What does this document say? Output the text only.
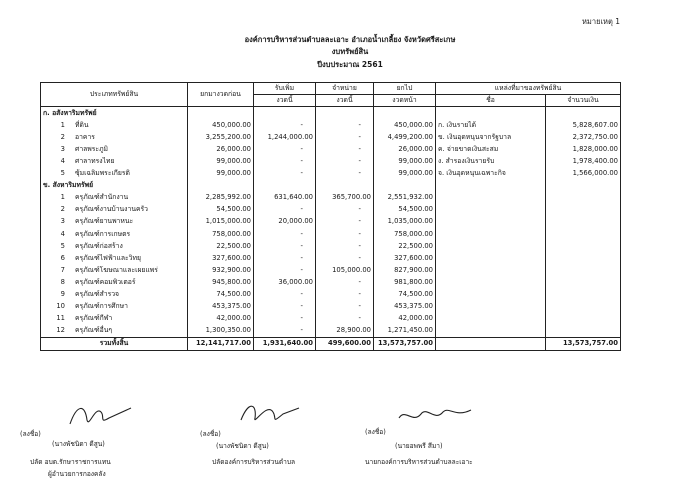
หมายเหตุ 1
องค์การบริหารส่วนตำบลละเอาะ อำเภอน้ำเกลี้ยง จังหวัดศรีสะเกษ
งบทรัพย์สิน
ปีงบประมาณ 2561
ประเภททรัพย์สิน	ยกมางวดก่อน	รับเพิ่ม	จำหน่าย	ยกไป	แหล่งที่มาของทรัพย์สิน	
		งวดนี้	งวดนี้	งวดหน้า	ชื่อ	จำนวนเงิน
ก. อสังหาริมทรัพย์						
1 ที่ดิน	450,000.00	-	-	450,000.00	ก. เงินรายได้	5,828,607.00
2 อาคาร	3,255,200.00	1,244,000.00	-	4,499,200.00	ข. เงินอุดหนุนจากรัฐบาล	2,372,750.00
3 ศาลพระภูมิ	26,000.00	-	-	26,000.00	ค. จ่ายขาดเงินสะสม	1,828,000.00
4 ศาลาทรงไทย	99,000.00	-	-	99,000.00	ง. สำรองเงินรายรับ	1,978,400.00
5 ซุ้มเฉลิมพระเกียรติ	99,000.00	-	-	99,000.00	จ. เงินอุดหนุนเฉพาะกิจ	1,566,000.00
ข. สังหาริมทรัพย์						
1 ครุภัณฑ์สำนักงาน	2,285,992.00	631,640.00	365,700.00	2,551,932.00		
2 ครุภัณฑ์งานบ้านงานครัว	54,500.00	-	-	54,500.00		
3 ครุภัณฑ์ยานพาหนะ	1,015,000.00	20,000.00	-	1,035,000.00		
4 ครุภัณฑ์การเกษตร	758,000.00	-	-	758,000.00		
5 ครุภัณฑ์ก่อสร้าง	22,500.00	-	-	22,500.00		
6 ครุภัณฑ์ไฟฟ้าและวิทยุ	327,600.00	-	-	327,600.00		
7 ครุภัณฑ์โฆษณาและเผยแพร่	932,900.00	-	105,000.00	827,900.00		
8 ครุภัณฑ์คอมพิวเตอร์	945,800.00	36,000.00	-	981,800.00		
9 ครุภัณฑ์สำรวจ	74,500.00	-	-	74,500.00		
10 ครุภัณฑ์การศึกษา	453,375.00	-	-	453,375.00		
11 ครุภัณฑ์กีฬา	42,000.00	-	-	42,000.00		
12 ครุภัณฑ์อื่นๆ	1,300,350.00	-	28,900.00	1,271,450.00		
รวมทั้งสิ้น	12,141,717.00	1,931,640.00	499,600.00	13,573,757.00		13,573,757.00
(ลงชื่อ)
(นางพัชนิดา ดีสูน)
ปลัด อบต.รักษาราชการแทน
ผู้อำนวยการกองคลัง
(ลงชื่อ)
(นางพัชนิดา ดีสูน)
ปลัดองค์การบริหารส่วนตำบล
(ลงชื่อ)
(นายอพพรี สีมา)
นายกองค์การบริหารส่วนตำบลละเอาะ
